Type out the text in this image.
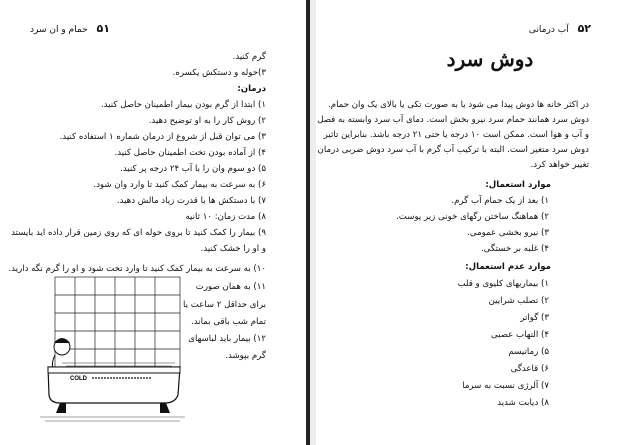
۵۱ حمام و ان سرد
گرم کنید.
۳)حوله و دستکش یکسره.
درمان:
۱) ابتدا از گرم بودن بیمار اطمینان حاصل کنید.
۲) روش کار را به او توضیح دهید.
۳) می توان قبل از شروع از درمان شماره ۱ استفاده کنید.
۴) از آماده بودن تخت اطمینان حاصل کنید.
۵) دو سوم وان را با آب ۲۴ درجه پر کنید.
۶) به سرعت به بیمار کمک کنید تا وارد وان شود.
۷) با دستکش ها با قدرت زیاد مالش دهید.
۸) مدت زمان: ۱۰ ثانیه
۹) بیمار را کمک کنید تا بروی حوله ای که روی زمین قرار داده اید بایستد
و او را خشک کنید.
۱۰) به سرعت به بیمار کمک کنید تا وارد تخت شود و او را گرم نگه دارید.
۱۱) به همان صورت
برای حداقل ۲ ساعت یا
تمام شب باقی بماند.
۱۲) بیمار باید لباسهای
گرم بپوشد.
COLD
۵۲ آب درمانی
دوش سرد
در اکثر خانه ها دوش پیدا می شود یا به صورت تکی یا بالای یک وان حمام.
دوش سرد همانند حمام سرد نیرو بخش است. دمای آب سرد وابسته به فصل
و آب و هوا است. ممکن است ۱۰ درجه یا حتی ۲۱ درجه باشد. بنابراین تاثیر
دوش سرد متغیر است. البته با ترکیب آب گرم با آب سرد دوش ضربی درمان
تغییر خواهد کرد.
موارد استعمال:
۱) بعد از یک حمام آب گرم.
۲) هماهنگ ساختن رگهای خونی زیر پوست.
۳) نیرو بخشی عمومی.
۴) غلبه بر خستگی.
موارد عدم استعمال:
۱) بیماریهای کلیوی و قلب
۲) تصلب شرایین
۳) گواتر
۴) التهاب عصبی
۵) رماتیسم
۶) قاعدگی
۷) آلرژی نسبت به سرما
۸) دیابت شدید
